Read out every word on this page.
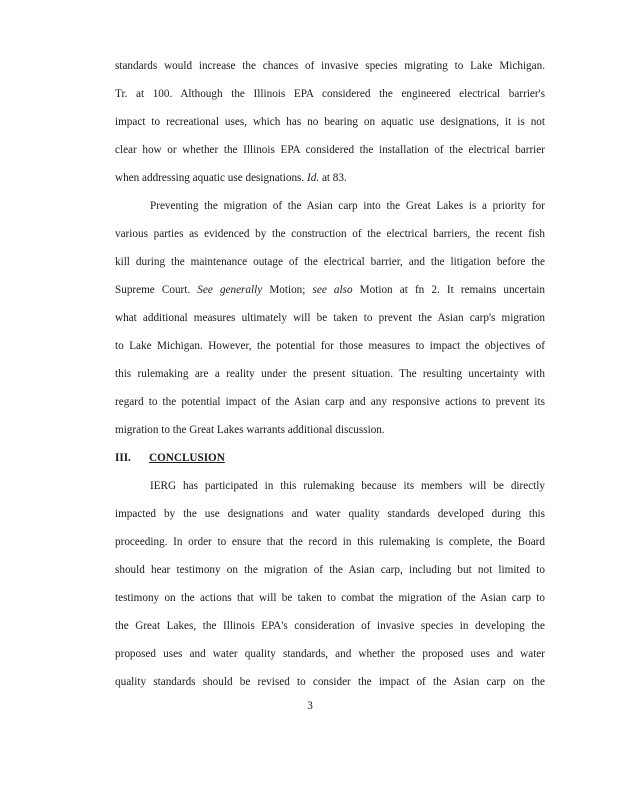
standards would increase the chances of invasive species migrating to Lake Michigan.
Tr. at 100. Although the Illinois EPA considered the engineered electrical barrier's
impact to recreational uses, which has no bearing on aquatic use designations, it is not
clear how or whether the Illinois EPA considered the installation of the electrical barrier
when addressing aquatic use designations. Id. at 83.
Preventing the migration of the Asian carp into the Great Lakes is a priority for
various parties as evidenced by the construction of the electrical barriers, the recent fish
kill during the maintenance outage of the electrical barrier, and the litigation before the
Supreme Court. See generally Motion; see also Motion at fn 2. It remains uncertain
what additional measures ultimately will be taken to prevent the Asian carp's migration
to Lake Michigan. However, the potential for those measures to impact the objectives of
this rulemaking are a reality under the present situation. The resulting uncertainty with
regard to the potential impact of the Asian carp and any responsive actions to prevent its
migration to the Great Lakes warrants additional discussion.
III. CONCLUSION
IERG has participated in this rulemaking because its members will be directly
impacted by the use designations and water quality standards developed during this
proceeding. In order to ensure that the record in this rulemaking is complete, the Board
should hear testimony on the migration of the Asian carp, including but not limited to
testimony on the actions that will be taken to combat the migration of the Asian carp to
the Great Lakes, the Illinois EPA's consideration of invasive species in developing the
proposed uses and water quality standards, and whether the proposed uses and water
quality standards should be revised to consider the impact of the Asian carp on the
3
